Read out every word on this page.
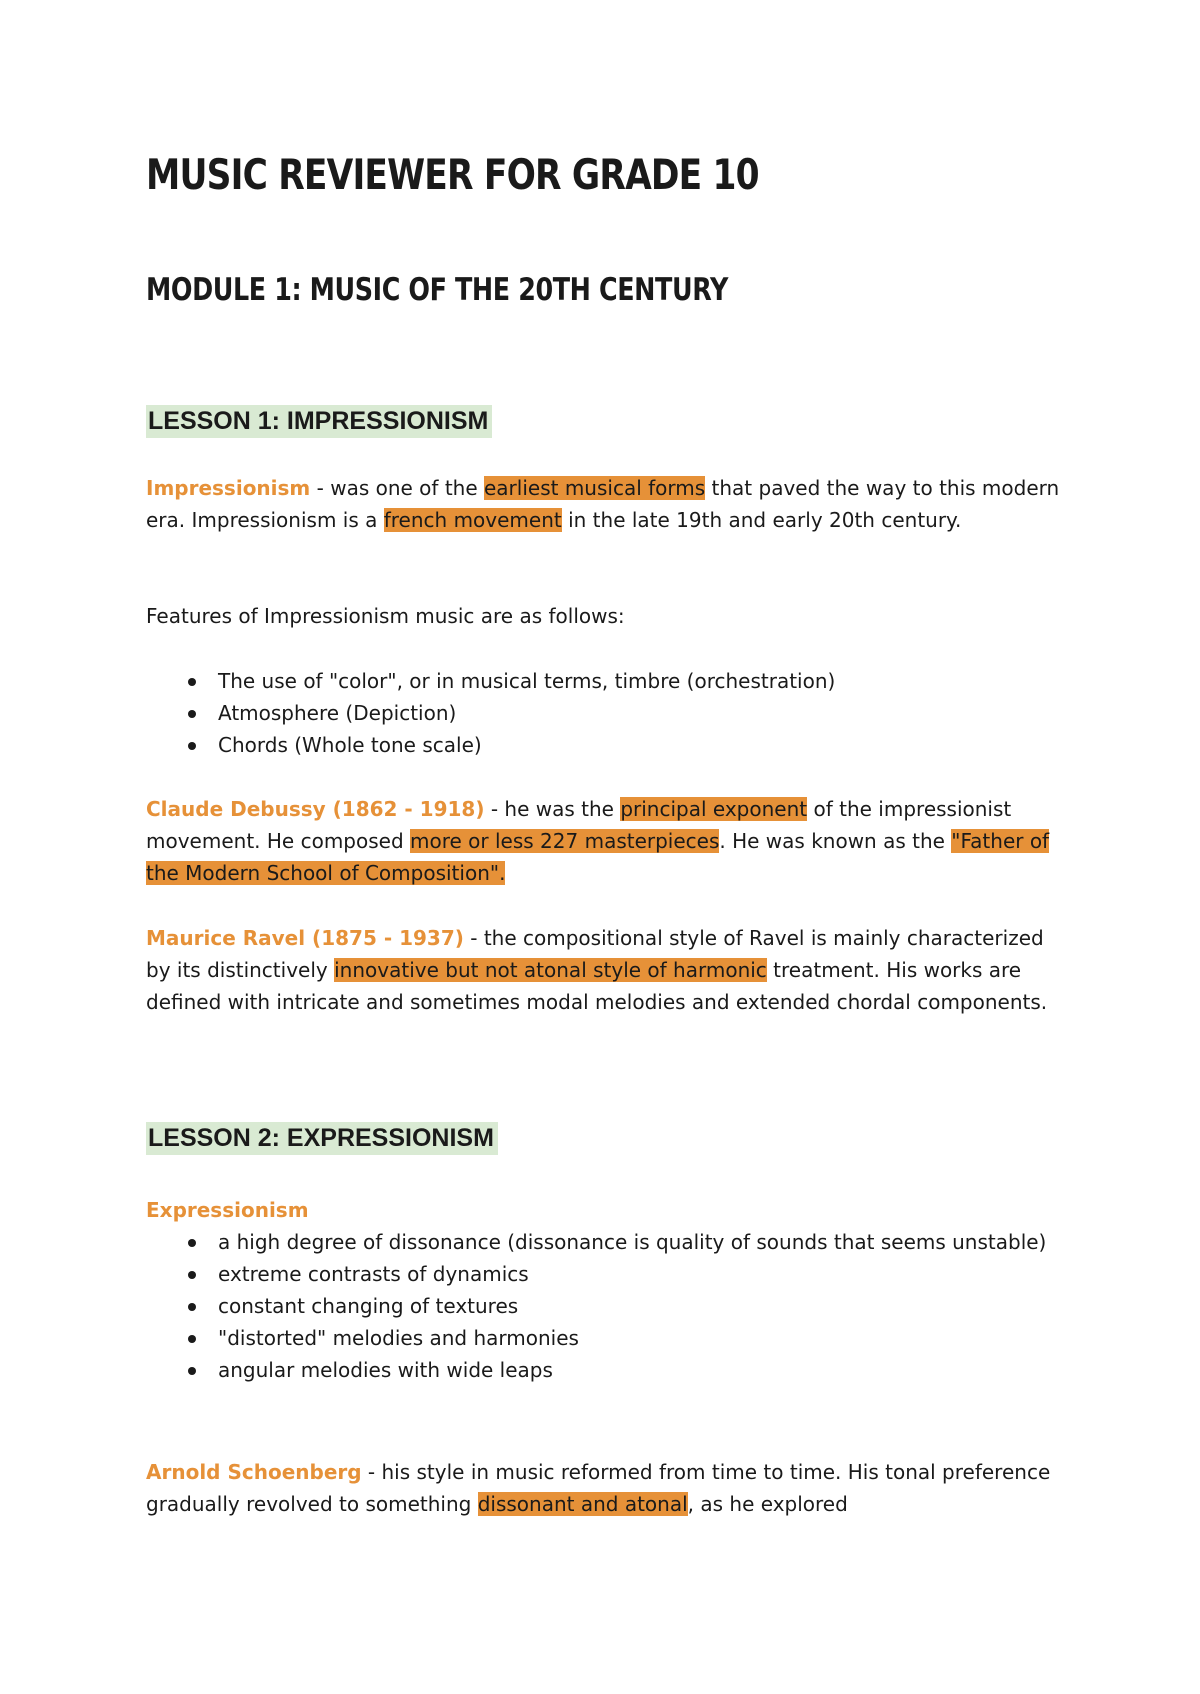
MUSIC REVIEWER FOR GRADE 10
MODULE 1: MUSIC OF THE 20TH CENTURY
LESSON 1: IMPRESSIONISM

Impressionism - was one of the earliest musical forms that paved the way to this modern era. Impressionism is a french movement in the late 19th and early 20th century.

Features of Impressionism music are as follows:

The use of "color", or in musical terms, timbre (orchestration)
Atmosphere (Depiction)
Chords (Whole tone scale)

Claude Debussy (1862 - 1918) - he was the principal exponent of the impressionist movement. He composed more or less 227 masterpieces. He was known as the "Father of the Modern School of Composition".

Maurice Ravel (1875 - 1937) - the compositional style of Ravel is mainly characterized by its distinctively innovative but not atonal style of harmonic treatment. His works are defined with intricate and sometimes modal melodies and extended chordal components.

LESSON 2: EXPRESSIONISM

Expressionism

a high degree of dissonance (dissonance is quality of sounds that seems unstable)
extreme contrasts of dynamics
constant changing of textures
"distorted" melodies and harmonies
angular melodies with wide leaps

Arnold Schoenberg - his style in music reformed from time to time. His tonal preference gradually revolved to something dissonant and atonal, as he explored
